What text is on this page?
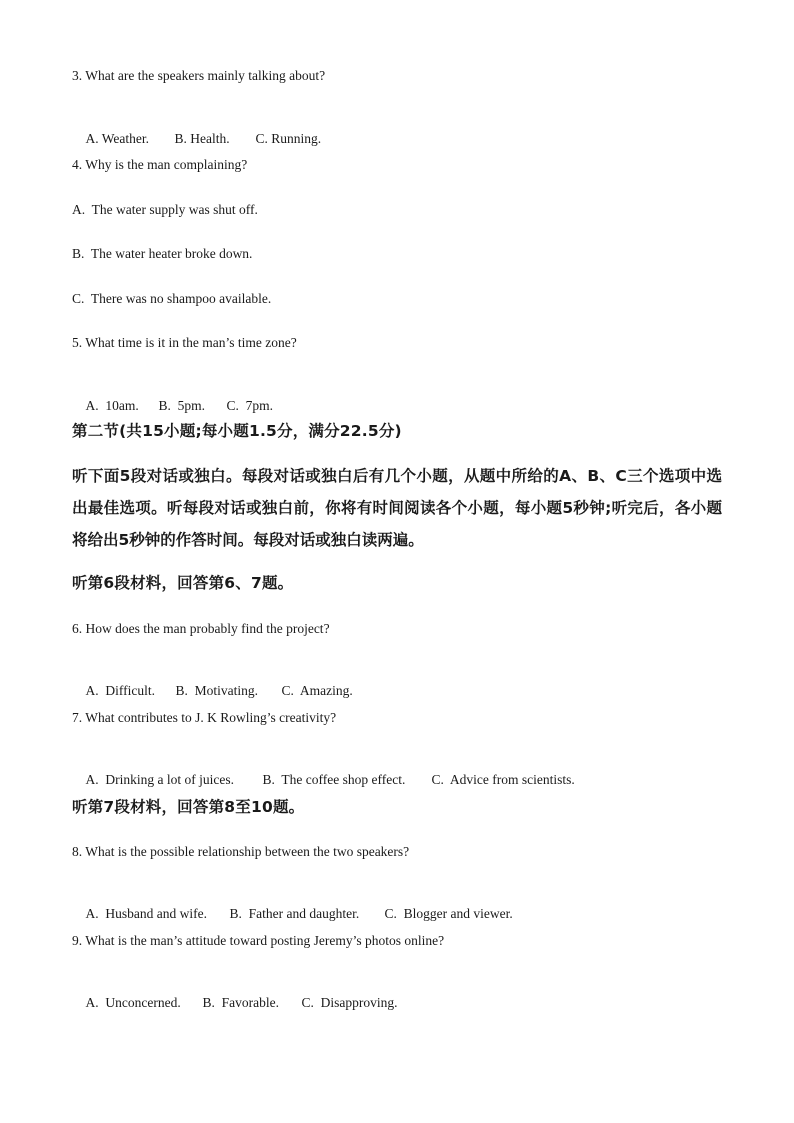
3. What are the speakers mainly talking about?

A. Weather. B. Health. C. Running.

4. Why is the man complaining?
A.  The water supply was shut off.
B.  The water heater broke down.
C.  There was no shampoo available.
5. What time is it in the man’s time zone?

A.  10am. B.  5pm. C.  7pm.

第二节(共15小题;每小题1.5分，满分22.5分)
听下面5段对话或独白。每段对话或独白后有几个小题，从题中所给的A、B、C三个选项中选出最佳选项。听每段对话或独白前，你将有时间阅读各个小题，每小题5秒钟;听完后，各小题将给出5秒钟的作答时间。每段对话或独白读两遍。
听第6段材料，回答第6、7题。
6. How does the man probably find the project?

A.  Difficult. B.  Motivating. C.  Amazing.

7. What contributes to J. K Rowling’s creativity?

A.  Drinking a lot of juices. B.  The coffee shop effect. C.  Advice from scientists.

听第7段材料，回答第8至10题。
8. What is the possible relationship between the two speakers?

A.  Husband and wife. B.  Father and daughter. C.  Blogger and viewer.

9. What is the man’s attitude toward posting Jeremy’s photos online?

A.  Unconcerned. B.  Favorable. C.  Disapproving.
